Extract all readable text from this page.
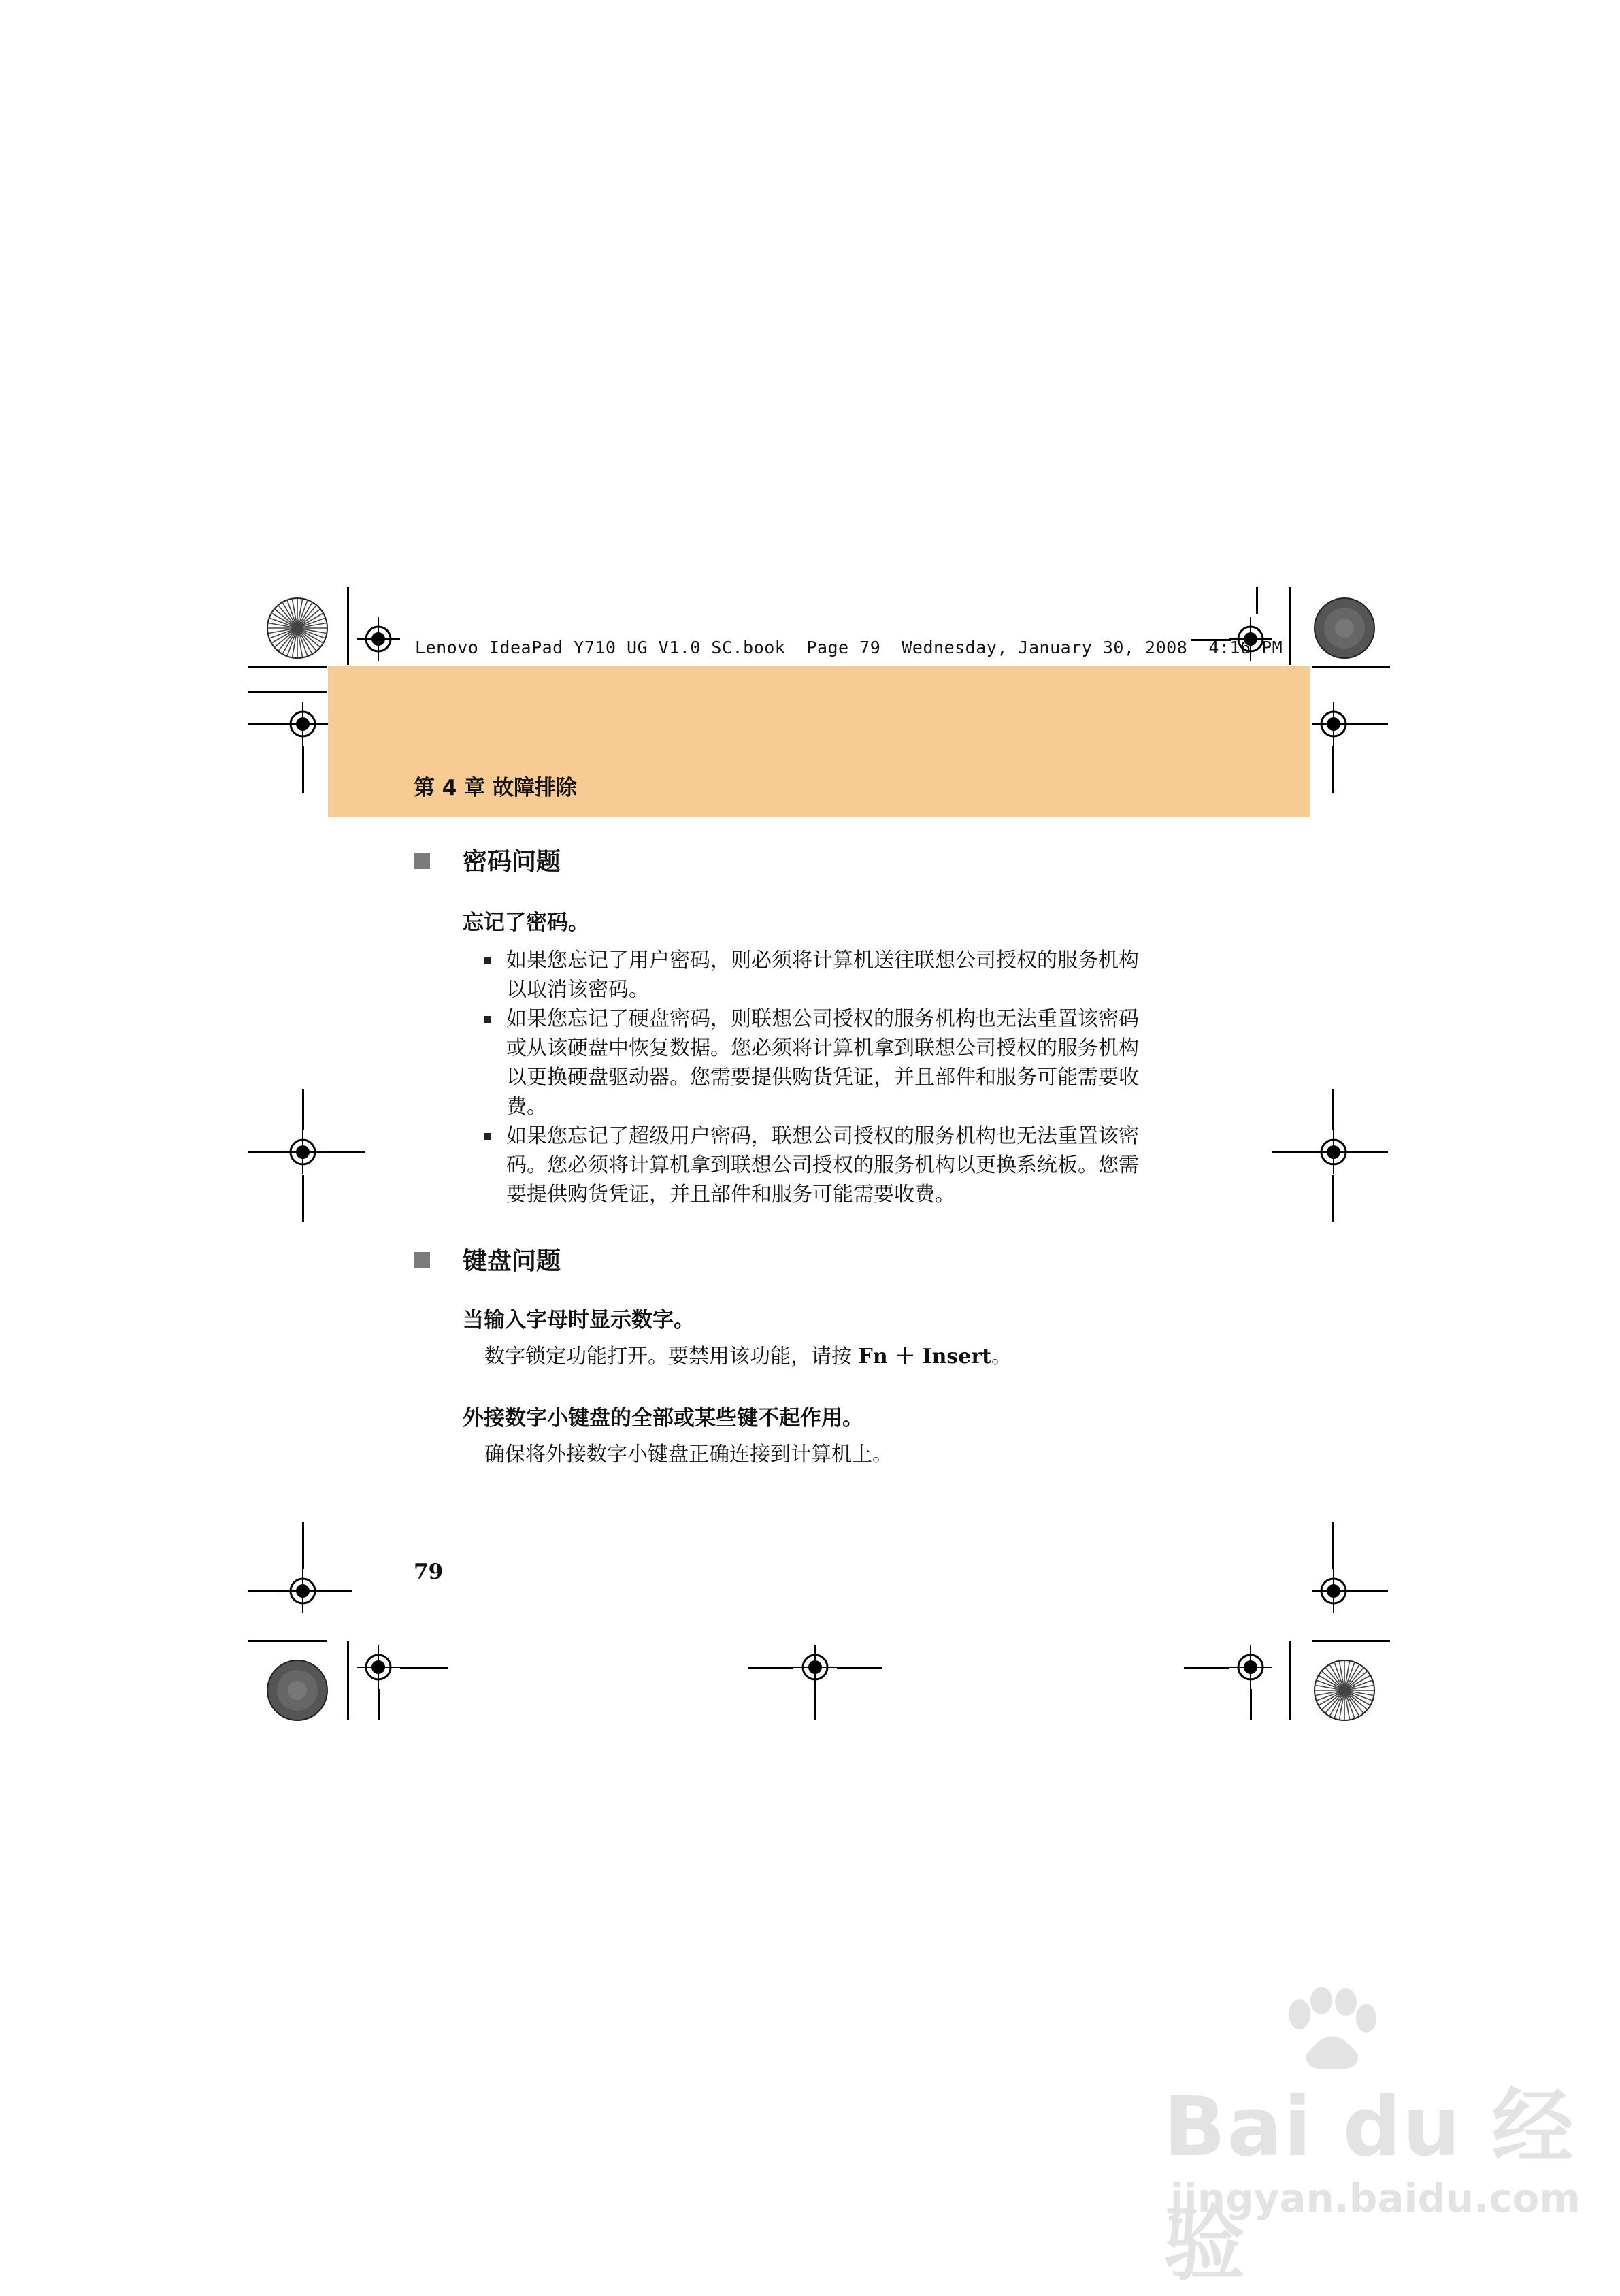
Lenovo IdeaPad Y710 UG V1.0_SC.book  Page 79  Wednesday, January 30, 2008  4:16 PM
第 4 章 故障排除
密码问题
忘记了密码。
如果您忘记了用户密码，则必须将计算机送往联想公司授权的服务机构
以取消该密码。
如果您忘记了硬盘密码，则联想公司授权的服务机构也无法重置该密码
或从该硬盘中恢复数据。您必须将计算机拿到联想公司授权的服务机构
以更换硬盘驱动器。您需要提供购货凭证，并且部件和服务可能需要收
费。
如果您忘记了超级用户密码，联想公司授权的服务机构也无法重置该密
码。您必须将计算机拿到联想公司授权的服务机构以更换系统板。您需
要提供购货凭证，并且部件和服务可能需要收费。
键盘问题
当输入字母时显示数字。
数字锁定功能打开。要禁用该功能，请按 Fn ＋ Insert。
外接数字小键盘的全部或某些键不起作用。
确保将外接数字小键盘正确连接到计算机上。
79
Bai du 经验
jingyan.baidu.com
